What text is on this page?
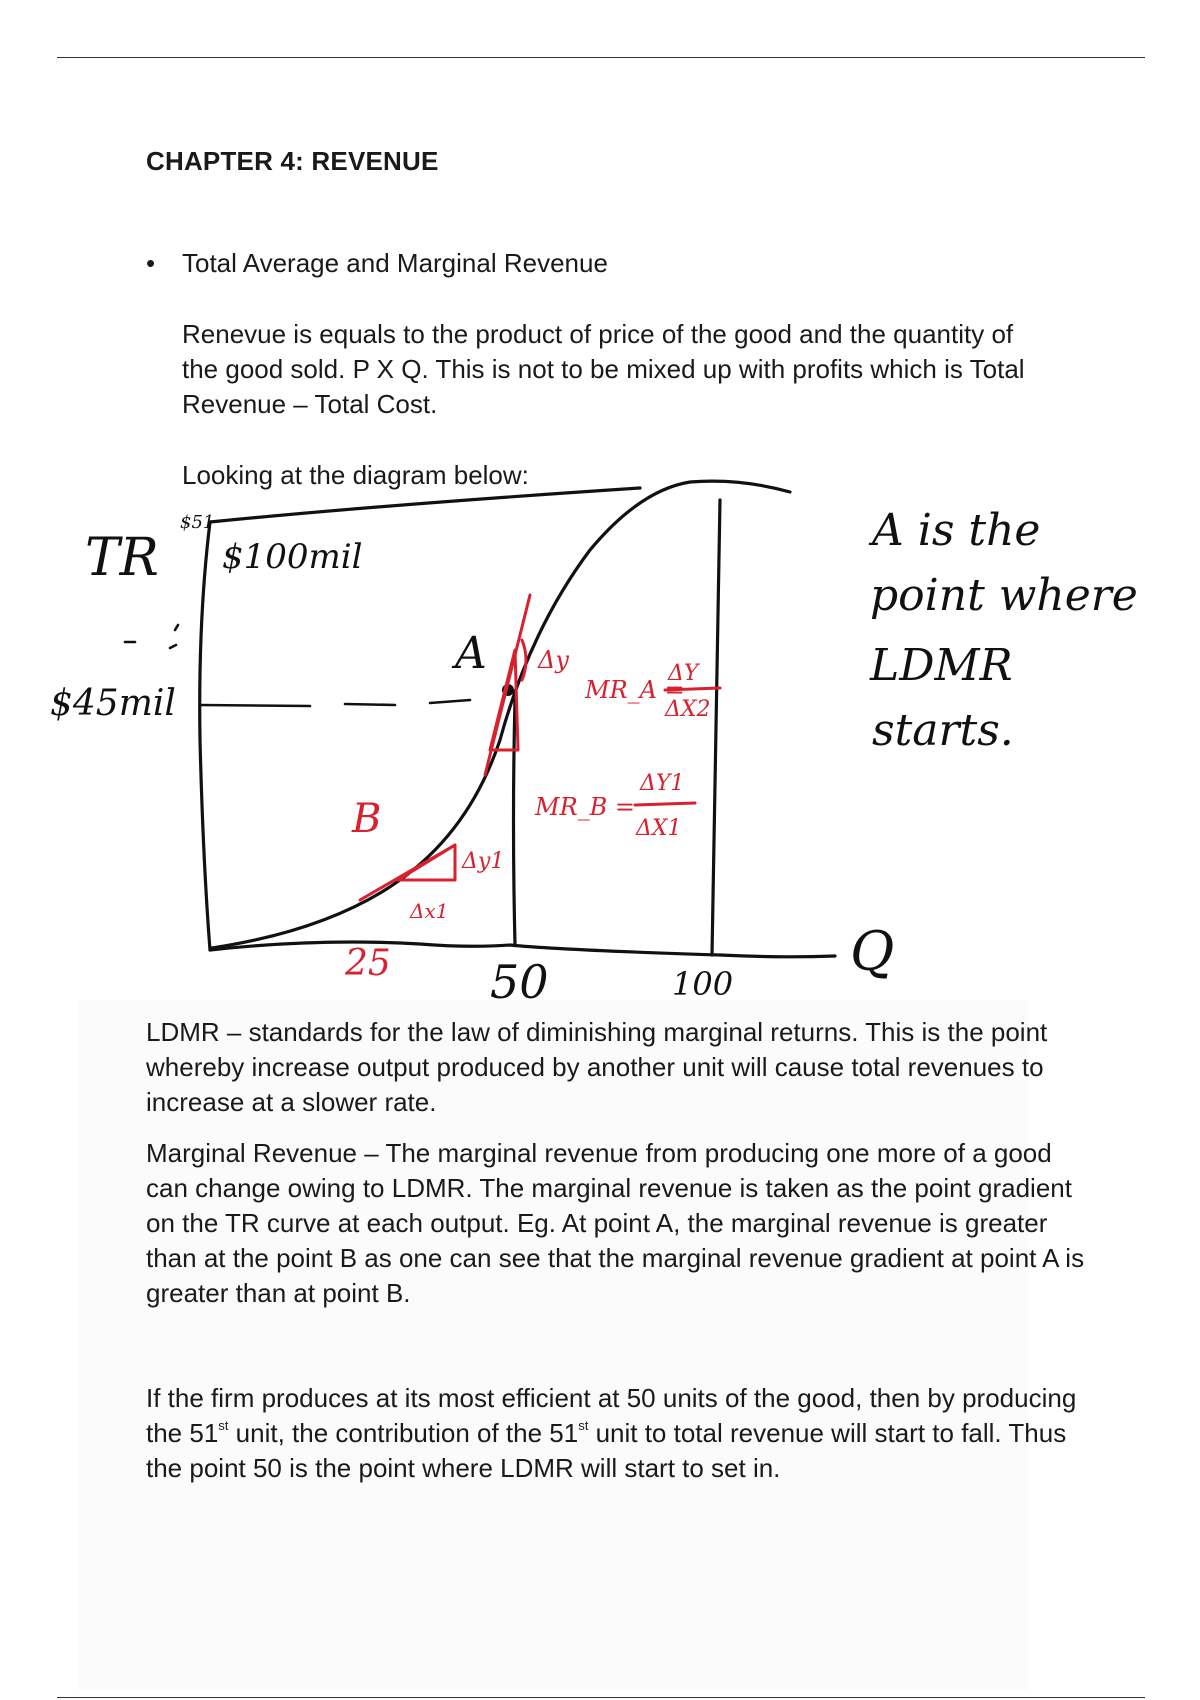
CHAPTER 4: REVENUE
• Total Average and Marginal Revenue

Renevue is equals to the product of price of the good and the quantity of the good sold. P X Q. This is not to be mixed up with profits which is Total Revenue – Total Cost.

Looking at the diagram below:

TR
$51
$100mil
$45mil
A
Q
50	100
A is the
point where
LDMR
starts.
25
B
Δy
Δy1
Δx1
MR_A =
ΔY
ΔX2
MR_B =
ΔY1
ΔX1

LDMR – standards for the law of diminishing marginal returns. This is the point whereby increase output produced by another unit will cause total revenues to increase at a slower rate.

Marginal Revenue – The marginal revenue from producing one more of a good can change owing to LDMR. The marginal revenue is taken as the point gradient on the TR curve at each output. Eg. At point A, the marginal revenue is greater than at the point B as one can see that the marginal revenue gradient at point A is greater than at point B.

If the firm produces at its most efficient at 50 units of the good, then by producing the 51st unit, the contribution of the 51st unit to total revenue will start to fall. Thus the point 50 is the point where LDMR will start to set in.
